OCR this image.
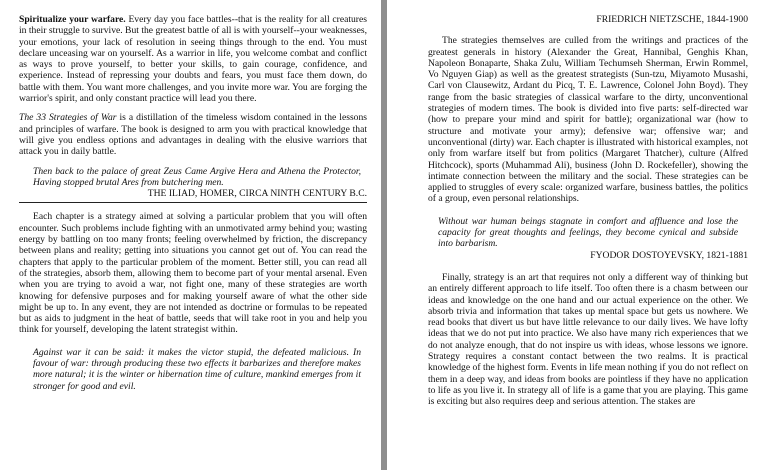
Spiritualize your warfare. Every day you face battles--that is the reality for all creatures in their struggle to survive. But the greatest battle of all is with yourself--your weaknesses, your emotions, your lack of resolution in seeing things through to the end. You must declare unceasing war on yourself. As a warrior in life, you welcome combat and conflict as ways to prove yourself, to better your skills, to gain courage, confidence, and experience. Instead of repressing your doubts and fears, you must face them down, do battle with them. You want more challenges, and you invite more war. You are forging the warrior's spirit, and only constant practice will lead you there.

The 33 Strategies of War is a distillation of the timeless wisdom contained in the lessons and principles of warfare. The book is designed to arm you with practical knowledge that will give you endless options and advantages in dealing with the elusive warriors that attack you in daily battle.

Then back to the palace of great Zeus Came Argive Hera and Athena the Protector, Having stopped brutal Ares from butchering men.

THE ILIAD, HOMER, CIRCA NINTH CENTURY B.C.

Each chapter is a strategy aimed at solving a particular problem that you will often encounter. Such problems include fighting with an unmotivated army behind you; wasting energy by battling on too many fronts; feeling overwhelmed by friction, the discrepancy between plans and reality; getting into situations you cannot get out of. You can read the chapters that apply to the particular problem of the moment. Better still, you can read all of the strategies, absorb them, allowing them to become part of your mental arsenal. Even when you are trying to avoid a war, not fight one, many of these strategies are worth knowing for defensive purposes and for making yourself aware of what the other side might be up to. In any event, they are not intended as doctrine or formulas to be repeated but as aids to judgment in the heat of battle, seeds that will take root in you and help you think for yourself, developing the latent strategist within.

Against war it can be said: it makes the victor stupid, the defeated malicious. In favour of war: through producing these two effects it barbarizes and therefore makes more natural; it is the winter or hibernation time of culture, mankind emerges from it stronger for good and evil.

FRIEDRICH NIETZSCHE, 1844-1900

The strategies themselves are culled from the writings and practices of the greatest generals in history (Alexander the Great, Hannibal, Genghis Khan, Napoleon Bonaparte, Shaka Zulu, William Techumseh Sherman, Erwin Rommel, Vo Nguyen Giap) as well as the greatest strategists (Sun-tzu, Miyamoto Musashi, Carl von Clausewitz, Ardant du Picq, T. E. Lawrence, Colonel John Boyd). They range from the basic strategies of classical warfare to the dirty, unconventional strategies of modern times. The book is divided into five parts: self-directed war (how to prepare your mind and spirit for battle); organizational war (how to structure and motivate your army); defensive war; offensive war; and unconventional (dirty) war. Each chapter is illustrated with historical examples, not only from warfare itself but from politics (Margaret Thatcher), culture (Alfred Hitchcock), sports (Muhammad Ali), business (John D. Rockefeller), showing the intimate connection between the military and the social. These strategies can be applied to struggles of every scale: organized warfare, business battles, the politics of a group, even personal relationships.

Without war human beings stagnate in comfort and affluence and lose the capacity for great thoughts and feelings, they become cynical and subside into barbarism.

FYODOR DOSTOYEVSKY, 1821-1881

Finally, strategy is an art that requires not only a different way of thinking but an entirely different approach to life itself. Too often there is a chasm between our ideas and knowledge on the one hand and our actual experience on the other. We absorb trivia and information that takes up mental space but gets us nowhere. We read books that divert us but have little relevance to our daily lives. We have lofty ideas that we do not put into practice. We also have many rich experiences that we do not analyze enough, that do not inspire us with ideas, whose lessons we ignore. Strategy requires a constant contact between the two realms. It is practical knowledge of the highest form. Events in life mean nothing if you do not reflect on them in a deep way, and ideas from books are pointless if they have no application to life as you live it. In strategy all of life is a game that you are playing. This game is exciting but also requires deep and serious attention. The stakes are
